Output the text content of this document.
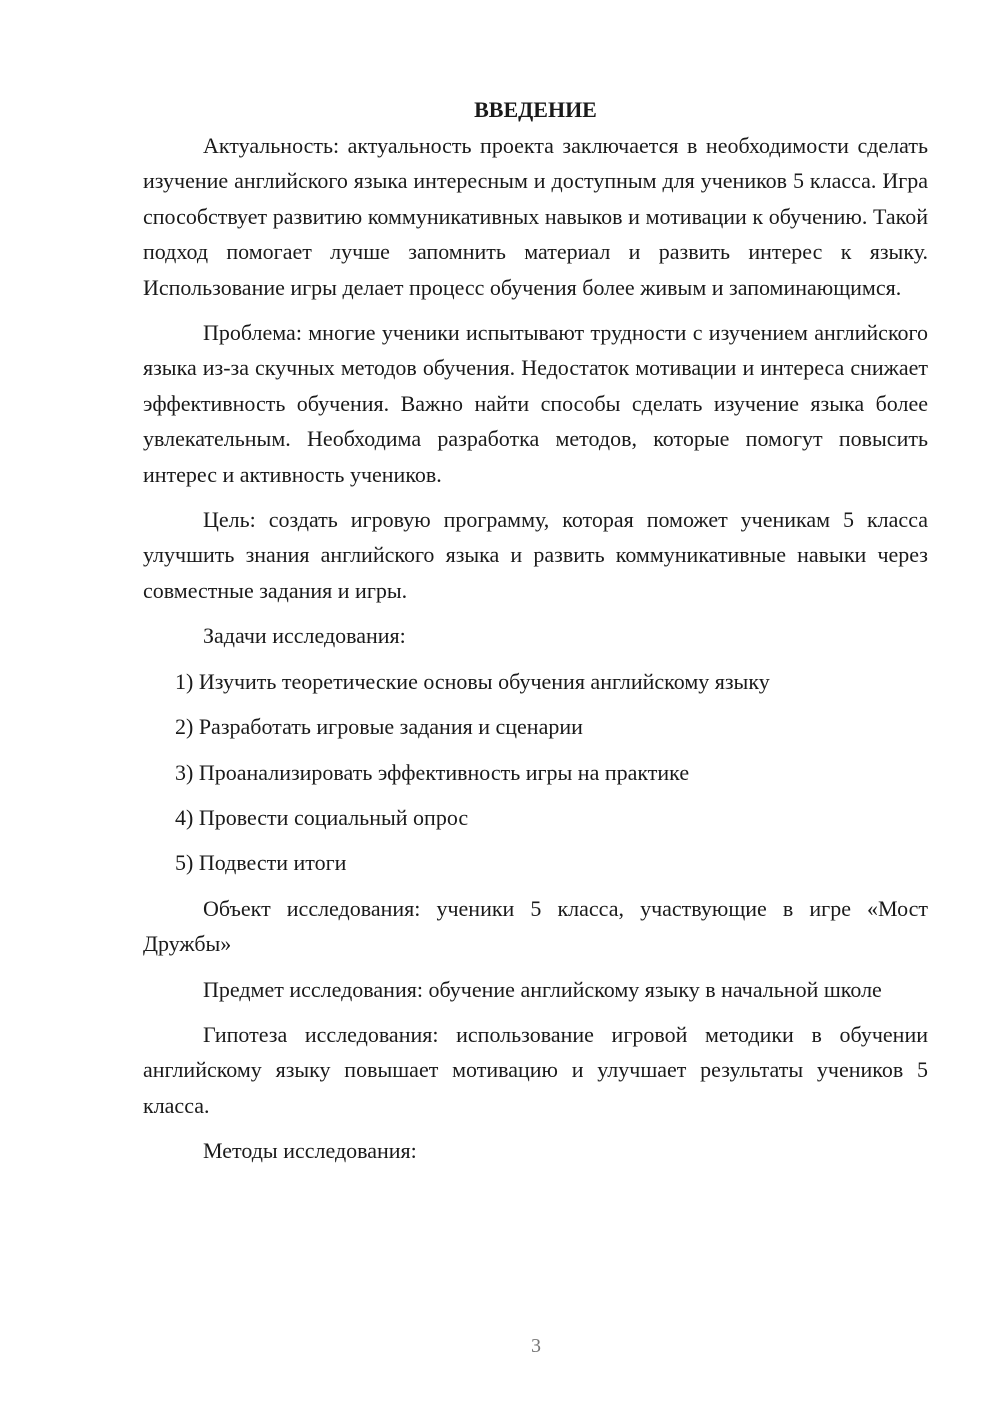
ВВЕДЕНИЕ

Актуальность: актуальность проекта заключается в необходимости сделать изучение английского языка интересным и доступным для учеников 5 класса. Игра способствует развитию коммуникативных навыков и мотивации к обучению. Такой подход помогает лучше запомнить материал и развить интерес к языку. Использование игры делает процесс обучения более живым и запоминающимся.

Проблема: многие ученики испытывают трудности с изучением английского языка из-за скучных методов обучения. Недостаток мотивации и интереса снижает эффективность обучения. Важно найти способы сделать изучение языка более увлекательным. Необходима разработка методов, которые помогут повысить интерес и активность учеников.

Цель: создать игровую программу, которая поможет ученикам 5 класса улучшить знания английского языка и развить коммуникативные навыки через совместные задания и игры.

Задачи исследования:

1) Изучить теоретические основы обучения английскому языку
2) Разработать игровые задания и сценарии
3) Проанализировать эффективность игры на практике
4) Провести социальный опрос
5) Подвести итоги

Объект исследования: ученики 5 класса, участвующие в игре «Мост Дружбы»

Предмет исследования: обучение английскому языку в начальной школе

Гипотеза исследования: использование игровой методики в обучении английскому языку повышает мотивацию и улучшает результаты учеников 5 класса.

Методы исследования:

3
